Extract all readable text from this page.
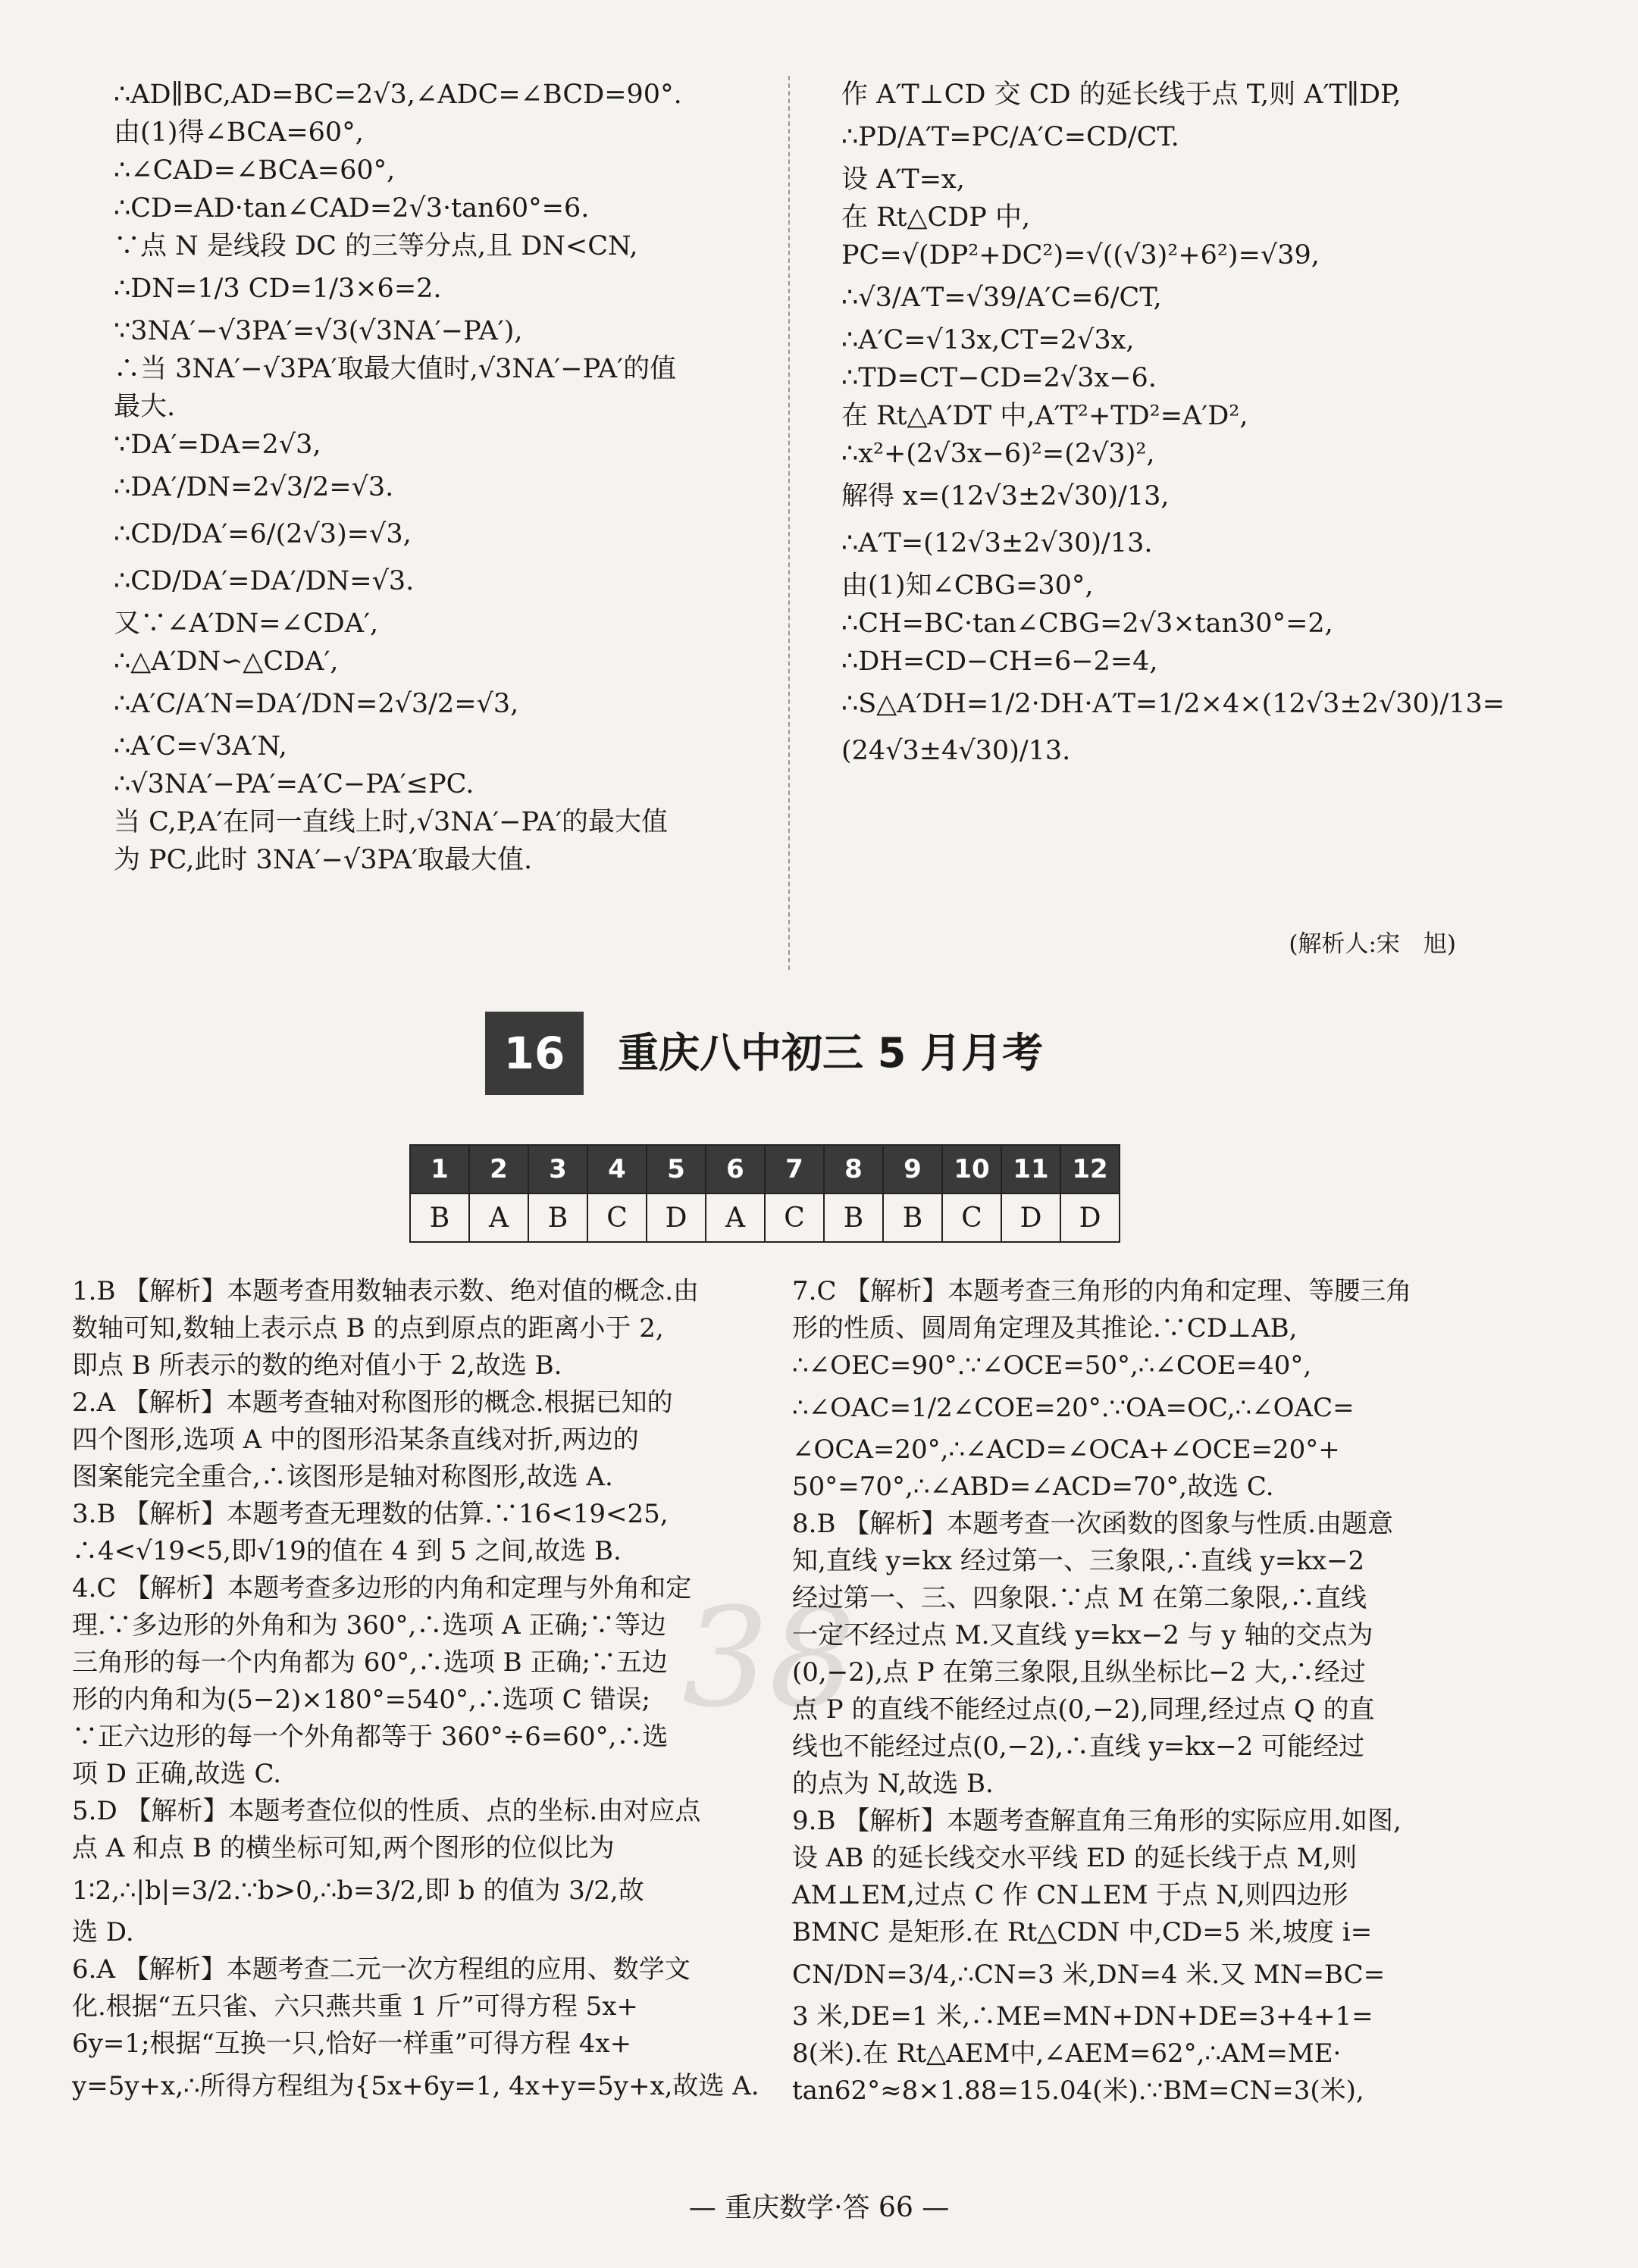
∴AD∥BC,AD=BC=2√3,∠ADC=∠BCD=90°.
由(1)得∠BCA=60°,
∴∠CAD=∠BCA=60°,
∴CD=AD·tan∠CAD=2√3·tan60°=6.
∵点 N 是线段 DC 的三等分点,且 DN<CN,
∴DN=1/3 CD=1/3×6=2.
∵3NA′−√3PA′=√3(√3NA′−PA′),
∴当 3NA′−√3PA′取最大值时,√3NA′−PA′的值
最大.
∵DA′=DA=2√3,
∴DA′/DN=2√3/2=√3.
∴CD/DA′=6/(2√3)=√3,
∴CD/DA′=DA′/DN=√3.
又∵∠A′DN=∠CDA′,
∴△A′DN∽△CDA′,
∴A′C/A′N=DA′/DN=2√3/2=√3,
∴A′C=√3A′N,
∴√3NA′−PA′=A′C−PA′≤PC.
当 C,P,A′在同一直线上时,√3NA′−PA′的最大值
为 PC,此时 3NA′−√3PA′取最大值.
作 A′T⊥CD 交 CD 的延长线于点 T,则 A′T∥DP,
∴PD/A′T=PC/A′C=CD/CT.
设 A′T=x,
在 Rt△CDP 中,
PC=√(DP²+DC²)=√((√3)²+6²)=√39,
∴√3/A′T=√39/A′C=6/CT,
∴A′C=√13x,CT=2√3x,
∴TD=CT−CD=2√3x−6.
在 Rt△A′DT 中,A′T²+TD²=A′D²,
∴x²+(2√3x−6)²=(2√3)²,
解得 x=(12√3±2√30)/13,
∴A′T=(12√3±2√30)/13.
由(1)知∠CBG=30°,
∴CH=BC·tan∠CBG=2√3×tan30°=2,
∴DH=CD−CH=6−2=4,
∴S△A′DH=1/2·DH·A′T=1/2×4×(12√3±2√30)/13=
(24√3±4√30)/13.
(解析人:宋　旭)
16	重庆八中初三 5 月月考
1	2	3	4	5	6	7	8	9	10	11	12
B	A	B	C	D	A	C	B	B	C	D	D
38
1.B 【解析】本题考查用数轴表示数、绝对值的概念.由
数轴可知,数轴上表示点 B 的点到原点的距离小于 2,
即点 B 所表示的数的绝对值小于 2,故选 B.
2.A 【解析】本题考查轴对称图形的概念.根据已知的
四个图形,选项 A 中的图形沿某条直线对折,两边的
图案能完全重合,∴该图形是轴对称图形,故选 A.
3.B 【解析】本题考查无理数的估算.∵16<19<25,
∴4<√19<5,即√19的值在 4 到 5 之间,故选 B.
4.C 【解析】本题考查多边形的内角和定理与外角和定
理.∵多边形的外角和为 360°,∴选项 A 正确;∵等边
三角形的每一个内角都为 60°,∴选项 B 正确;∵五边
形的内角和为(5−2)×180°=540°,∴选项 C 错误;
∵正六边形的每一个外角都等于 360°÷6=60°,∴选
项 D 正确,故选 C.
5.D 【解析】本题考查位似的性质、点的坐标.由对应点
点 A 和点 B 的横坐标可知,两个图形的位似比为
1∶2,∴|b|=3/2.∵b>0,∴b=3/2,即 b 的值为 3/2,故
选 D.
6.A 【解析】本题考查二元一次方程组的应用、数学文
化.根据“五只雀、六只燕共重 1 斤”可得方程 5x+
6y=1;根据“互换一只,恰好一样重”可得方程 4x+
y=5y+x,∴所得方程组为{5x+6y=1, 4x+y=5y+x,故选 A.
7.C 【解析】本题考查三角形的内角和定理、等腰三角
形的性质、圆周角定理及其推论.∵CD⊥AB,
∴∠OEC=90°.∵∠OCE=50°,∴∠COE=40°,
∴∠OAC=1/2∠COE=20°.∵OA=OC,∴∠OAC=
∠OCA=20°,∴∠ACD=∠OCA+∠OCE=20°+
50°=70°,∴∠ABD=∠ACD=70°,故选 C.
8.B 【解析】本题考查一次函数的图象与性质.由题意
知,直线 y=kx 经过第一、三象限,∴直线 y=kx−2
经过第一、三、四象限.∵点 M 在第二象限,∴直线
一定不经过点 M.又直线 y=kx−2 与 y 轴的交点为
(0,−2),点 P 在第三象限,且纵坐标比−2 大,∴经过
点 P 的直线不能经过点(0,−2),同理,经过点 Q 的直
线也不能经过点(0,−2),∴直线 y=kx−2 可能经过
的点为 N,故选 B.
9.B 【解析】本题考查解直角三角形的实际应用.如图,
设 AB 的延长线交水平线 ED 的延长线于点 M,则
AM⊥EM,过点 C 作 CN⊥EM 于点 N,则四边形
BMNC 是矩形.在 Rt△CDN 中,CD=5 米,坡度 i=
CN/DN=3/4,∴CN=3 米,DN=4 米.又 MN=BC=
3 米,DE=1 米,∴ME=MN+DN+DE=3+4+1=
8(米).在 Rt△AEM中,∠AEM=62°,∴AM=ME·
tan62°≈8×1.88=15.04(米).∵BM=CN=3(米),
— 重庆数学·答 66 —
